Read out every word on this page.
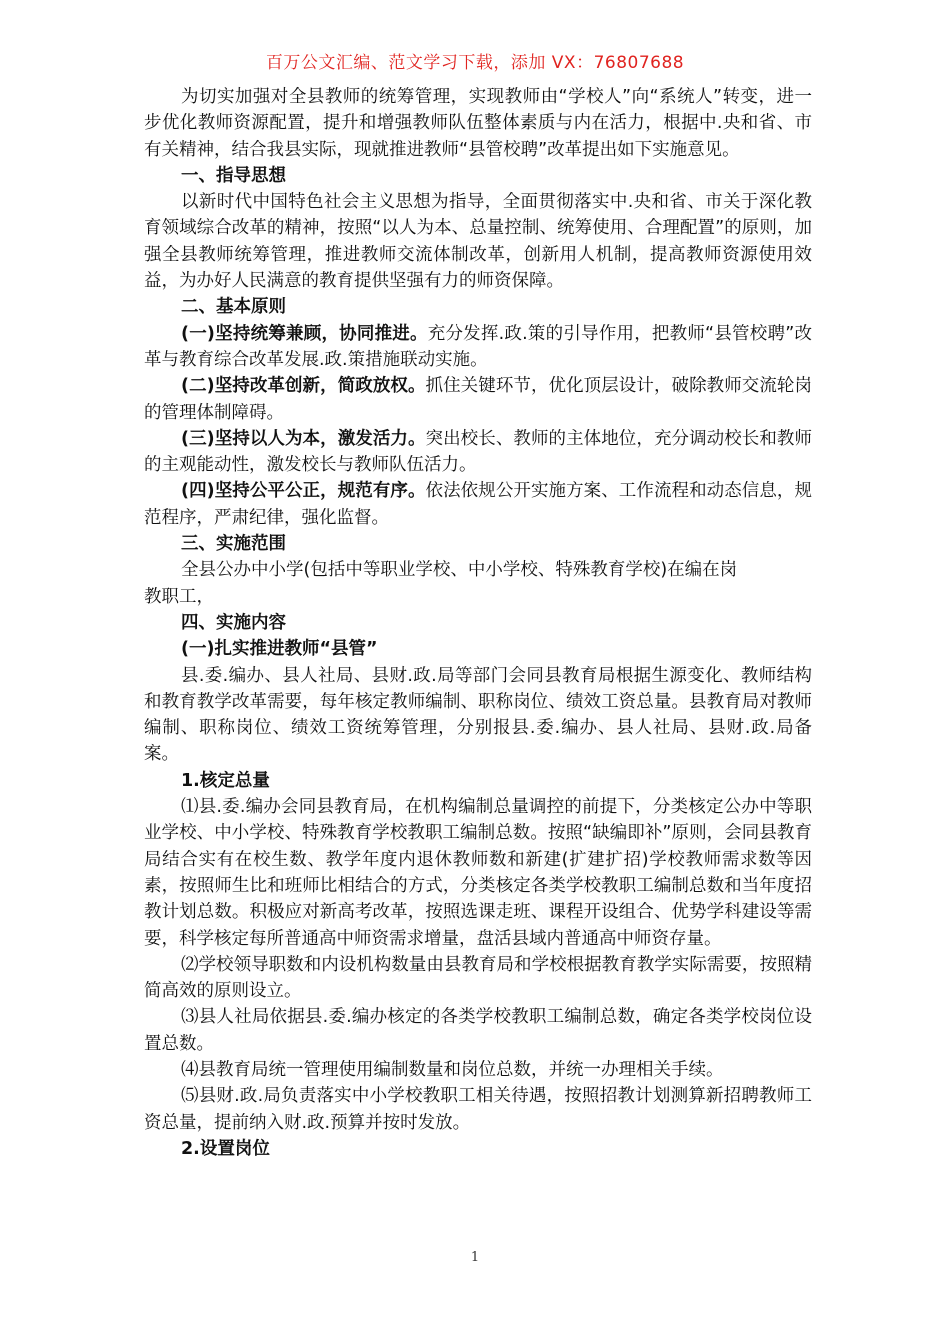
百万公文汇编、范文学习下载，添加 VX：76807688

为切实加强对全县教师的统筹管理，实现教师由“学校人”向“系统人”转变，进一步优化教师资源配置，提升和增强教师队伍整体素质与内在活力，根据中.央和省、市有关精神，结合我县实际，现就推进教师“县管校聘”改革提出如下实施意见。

一、指导思想

以新时代中国特色社会主义思想为指导，全面贯彻落实中.央和省、市关于深化教育领域综合改革的精神，按照“以人为本、总量控制、统筹使用、合理配置”的原则，加强全县教师统筹管理，推进教师交流体制改革，创新用人机制，提高教师资源使用效益，为办好人民满意的教育提供坚强有力的师资保障。

二、基本原则

(一)坚持统筹兼顾，协同推进。充分发挥.政.策的引导作用，把教师“县管校聘”改革与教育综合改革发展.政.策措施联动实施。

(二)坚持改革创新，简政放权。抓住关键环节，优化顶层设计，破除教师交流轮岗的管理体制障碍。

(三)坚持以人为本，激发活力。突出校长、教师的主体地位，充分调动校长和教师的主观能动性，激发校长与教师队伍活力。

(四)坚持公平公正，规范有序。依法依规公开实施方案、工作流程和动态信息，规范程序，严肃纪律，强化监督。

三、实施范围

全县公办中小学(包括中等职业学校、中小学校、特殊教育学校)在编在岗

教职工，

四、实施内容

(一)扎实推进教师“县管”

县.委.编办、县人社局、县财.政.局等部门会同县教育局根据生源变化、教师结构和教育教学改革需要，每年核定教师编制、职称岗位、绩效工资总量。县教育局对教师编制、职称岗位、绩效工资统筹管理，分别报县.委.编办、县人社局、县财.政.局备案。

1.核定总量

⑴县.委.编办会同县教育局，在机构编制总量调控的前提下，分类核定公办中等职业学校、中小学校、特殊教育学校教职工编制总数。按照“缺编即补”原则，会同县教育局结合实有在校生数、教学年度内退休教师数和新建(扩建扩招)学校教师需求数等因素，按照师生比和班师比相结合的方式，分类核定各类学校教职工编制总数和当年度招教计划总数。积极应对新高考改革，按照选课走班、课程开设组合、优势学科建设等需要，科学核定每所普通高中师资需求增量，盘活县域内普通高中师资存量。

⑵学校领导职数和内设机构数量由县教育局和学校根据教育教学实际需要，按照精简高效的原则设立。

⑶县人社局依据县.委.编办核定的各类学校教职工编制总数，确定各类学校岗位设置总数。

⑷县教育局统一管理使用编制数量和岗位总数，并统一办理相关手续。

⑸县财.政.局负责落实中小学校教职工相关待遇，按照招教计划测算新招聘教师工资总量，提前纳入财.政.预算并按时发放。

2.设置岗位

1
